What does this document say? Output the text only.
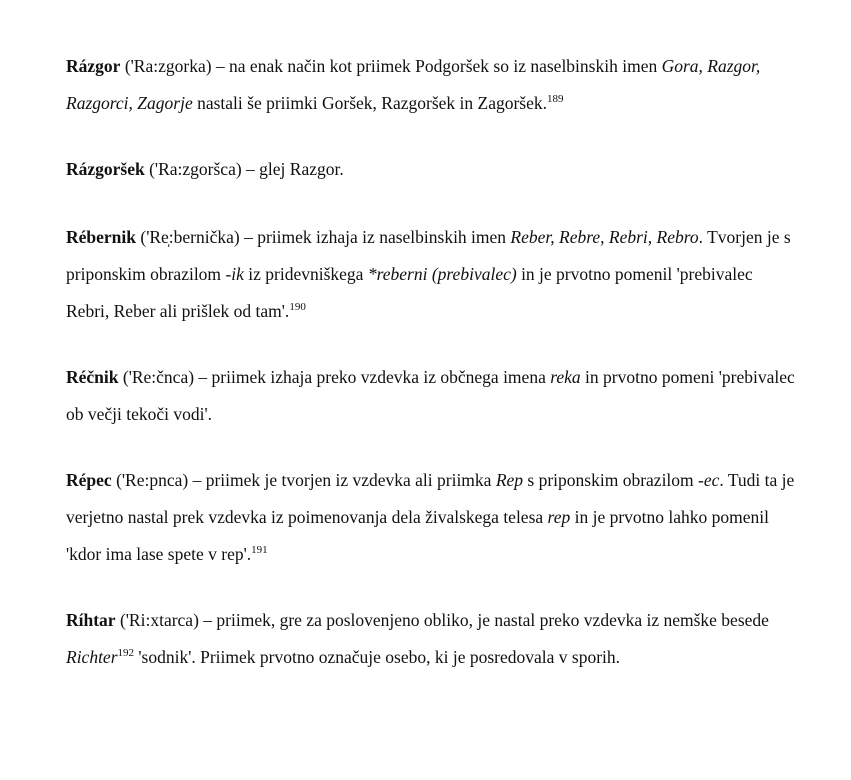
Rázgor ('Ra:zgorka) – na enak način kot priimek Podgoršek so iz naselbinskih imen Gora, Razgor, Razgorci, Zagorje nastali še priimki Goršek, Razgoršek in Zagoršek.$^{189}$

Rázgoršek ('Ra:zgoršca) – glej Razgor.

Rébernik ('Re̩:bernička) – priimek izhaja iz naselbinskih imen Reber, Rebre, Rebri, Rebro. Tvorjen je s priponskim obrazilom -ik iz pridevniškega *reberni (prebivalec) in je prvotno pomenil 'prebivalec Rebri, Reber ali prišlek od tam'.$^{190}$

Réčnik ('Re:čnca) – priimek izhaja preko vzdevka iz občnega imena reka in prvotno pomeni 'prebivalec ob večji tekoči vodi'.

Répec ('Re:pnca) – priimek je tvorjen iz vzdevka ali priimka Rep s priponskim obrazilom -ec. Tudi ta je verjetno nastal prek vzdevka iz poimenovanja dela živalskega telesa rep in je prvotno lahko pomenil 'kdor ima lase spete v rep'.$^{191}$

Ríhtar ('Ri:xtarca) – priimek, gre za poslovenjeno obliko, je nastal preko vzdevka iz nemške besede Richter$^{192}$ 'sodnik'. Priimek prvotno označuje osebo, ki je posredovala v sporih.
